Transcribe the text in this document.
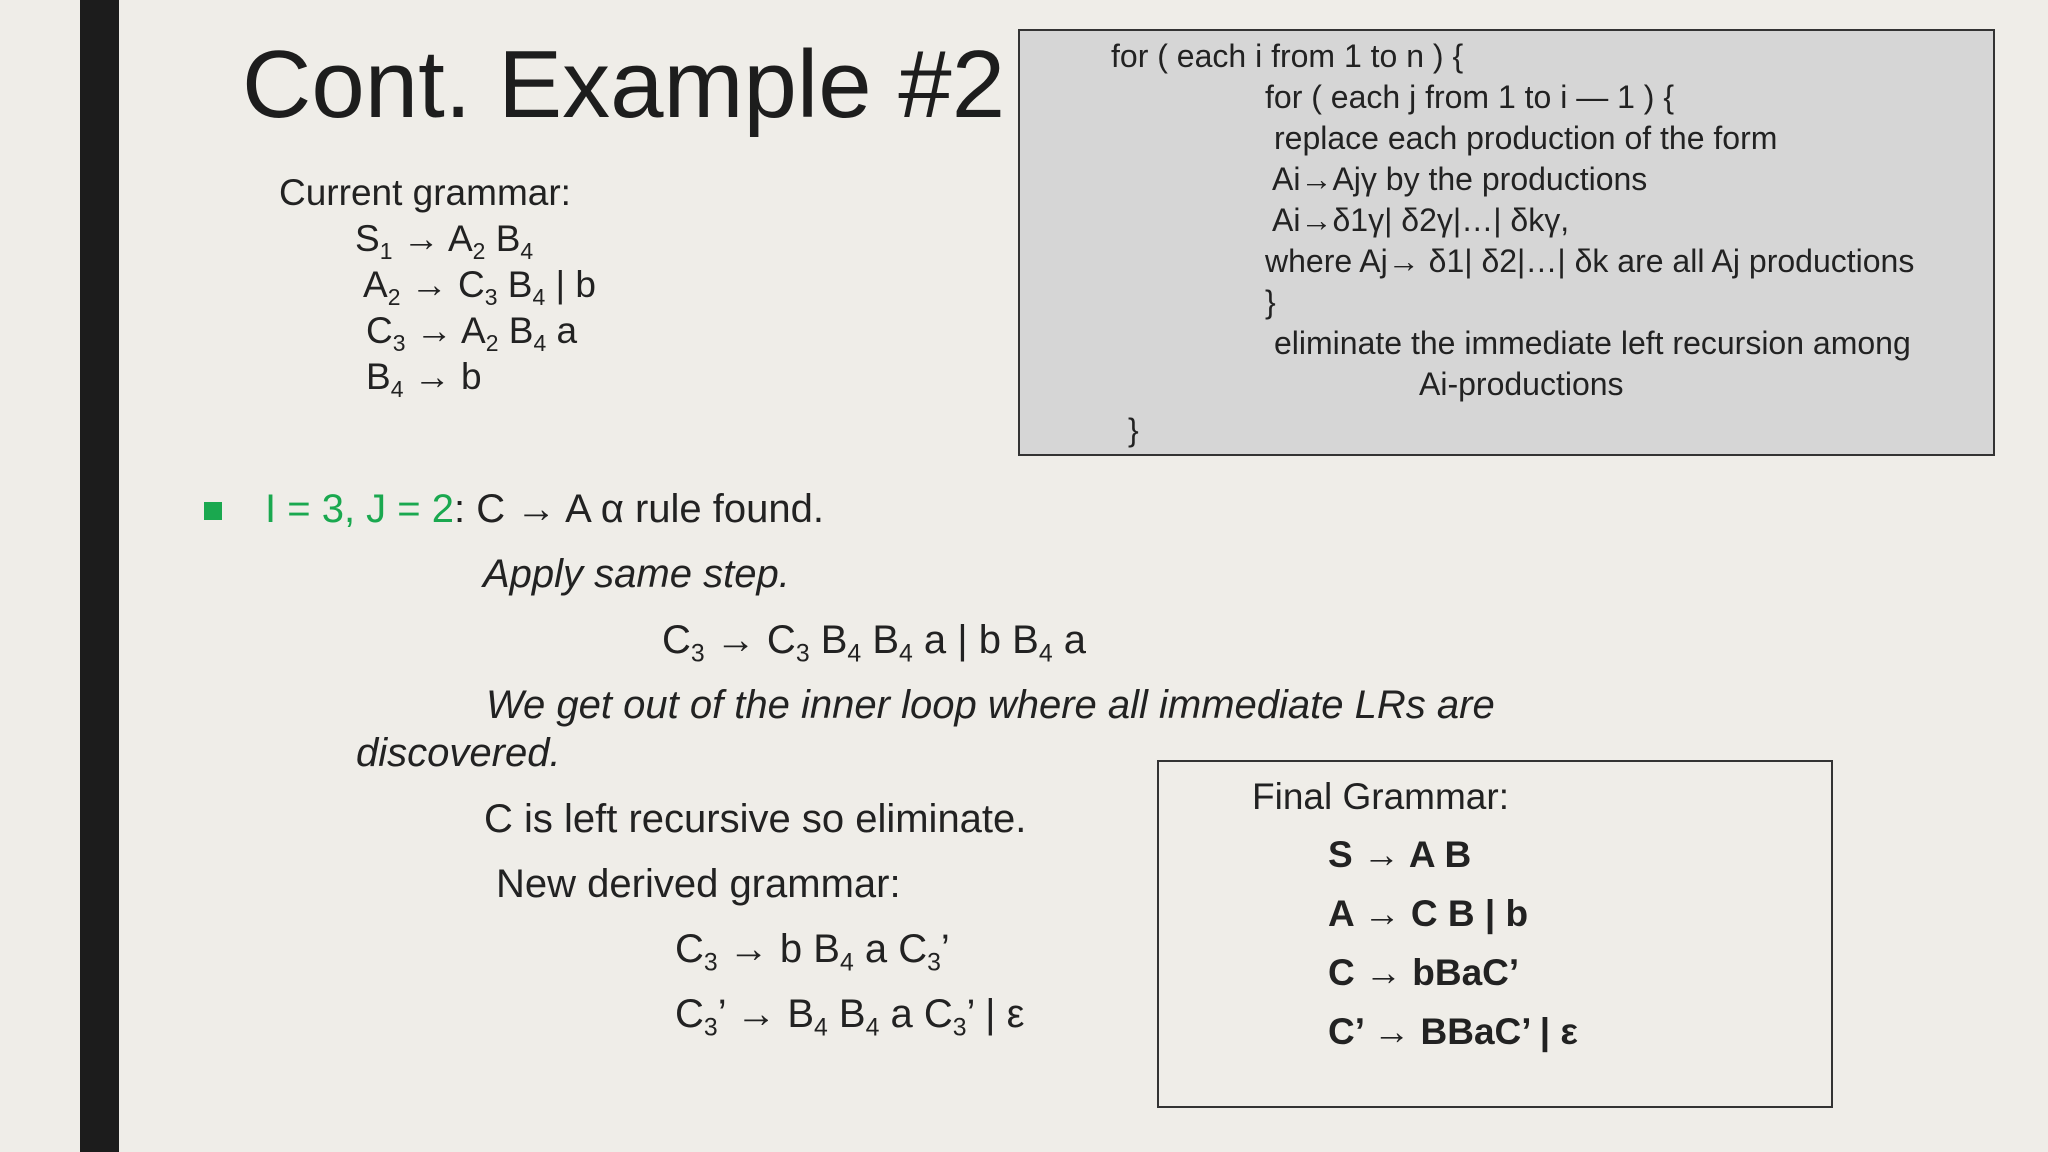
Cont. Example #2
Current grammar:
$S_1 \to A_2$ $B_4$
$A_2 \to C_3$ $B_4$ | b
$C_3 \to A_2$ $B_4$ a
$B_4 \to b$
for ( each i from 1 to n ) {
for ( each j from 1 to i — 1 ) {
replace each production of the form
Ai→Ajγ by the productions
Ai→δ1γ| δ2γ|…| δkγ,
where Aj→ δ1| δ2|…| δk are all Aj productions
}
eliminate the immediate left recursion among
Ai-productions
}
I = 3, J = 2: C → A α rule found.
Apply same step.
$C_3 \to C_3$ $B_4$ $B_4$ a | b $B_4$ a
We get out of the inner loop where all immediate LRs are
discovered.
C is left recursive so eliminate.
New derived grammar:
$C_3 \to b$ $B_4$ a $C_3$’
$C_3$’ → $B_4$ $B_4$ a $C_3$’ | ε
Final Grammar:
S → A B
A → C B | b
C → bBaC’
C’ → BBaC’ | ε
